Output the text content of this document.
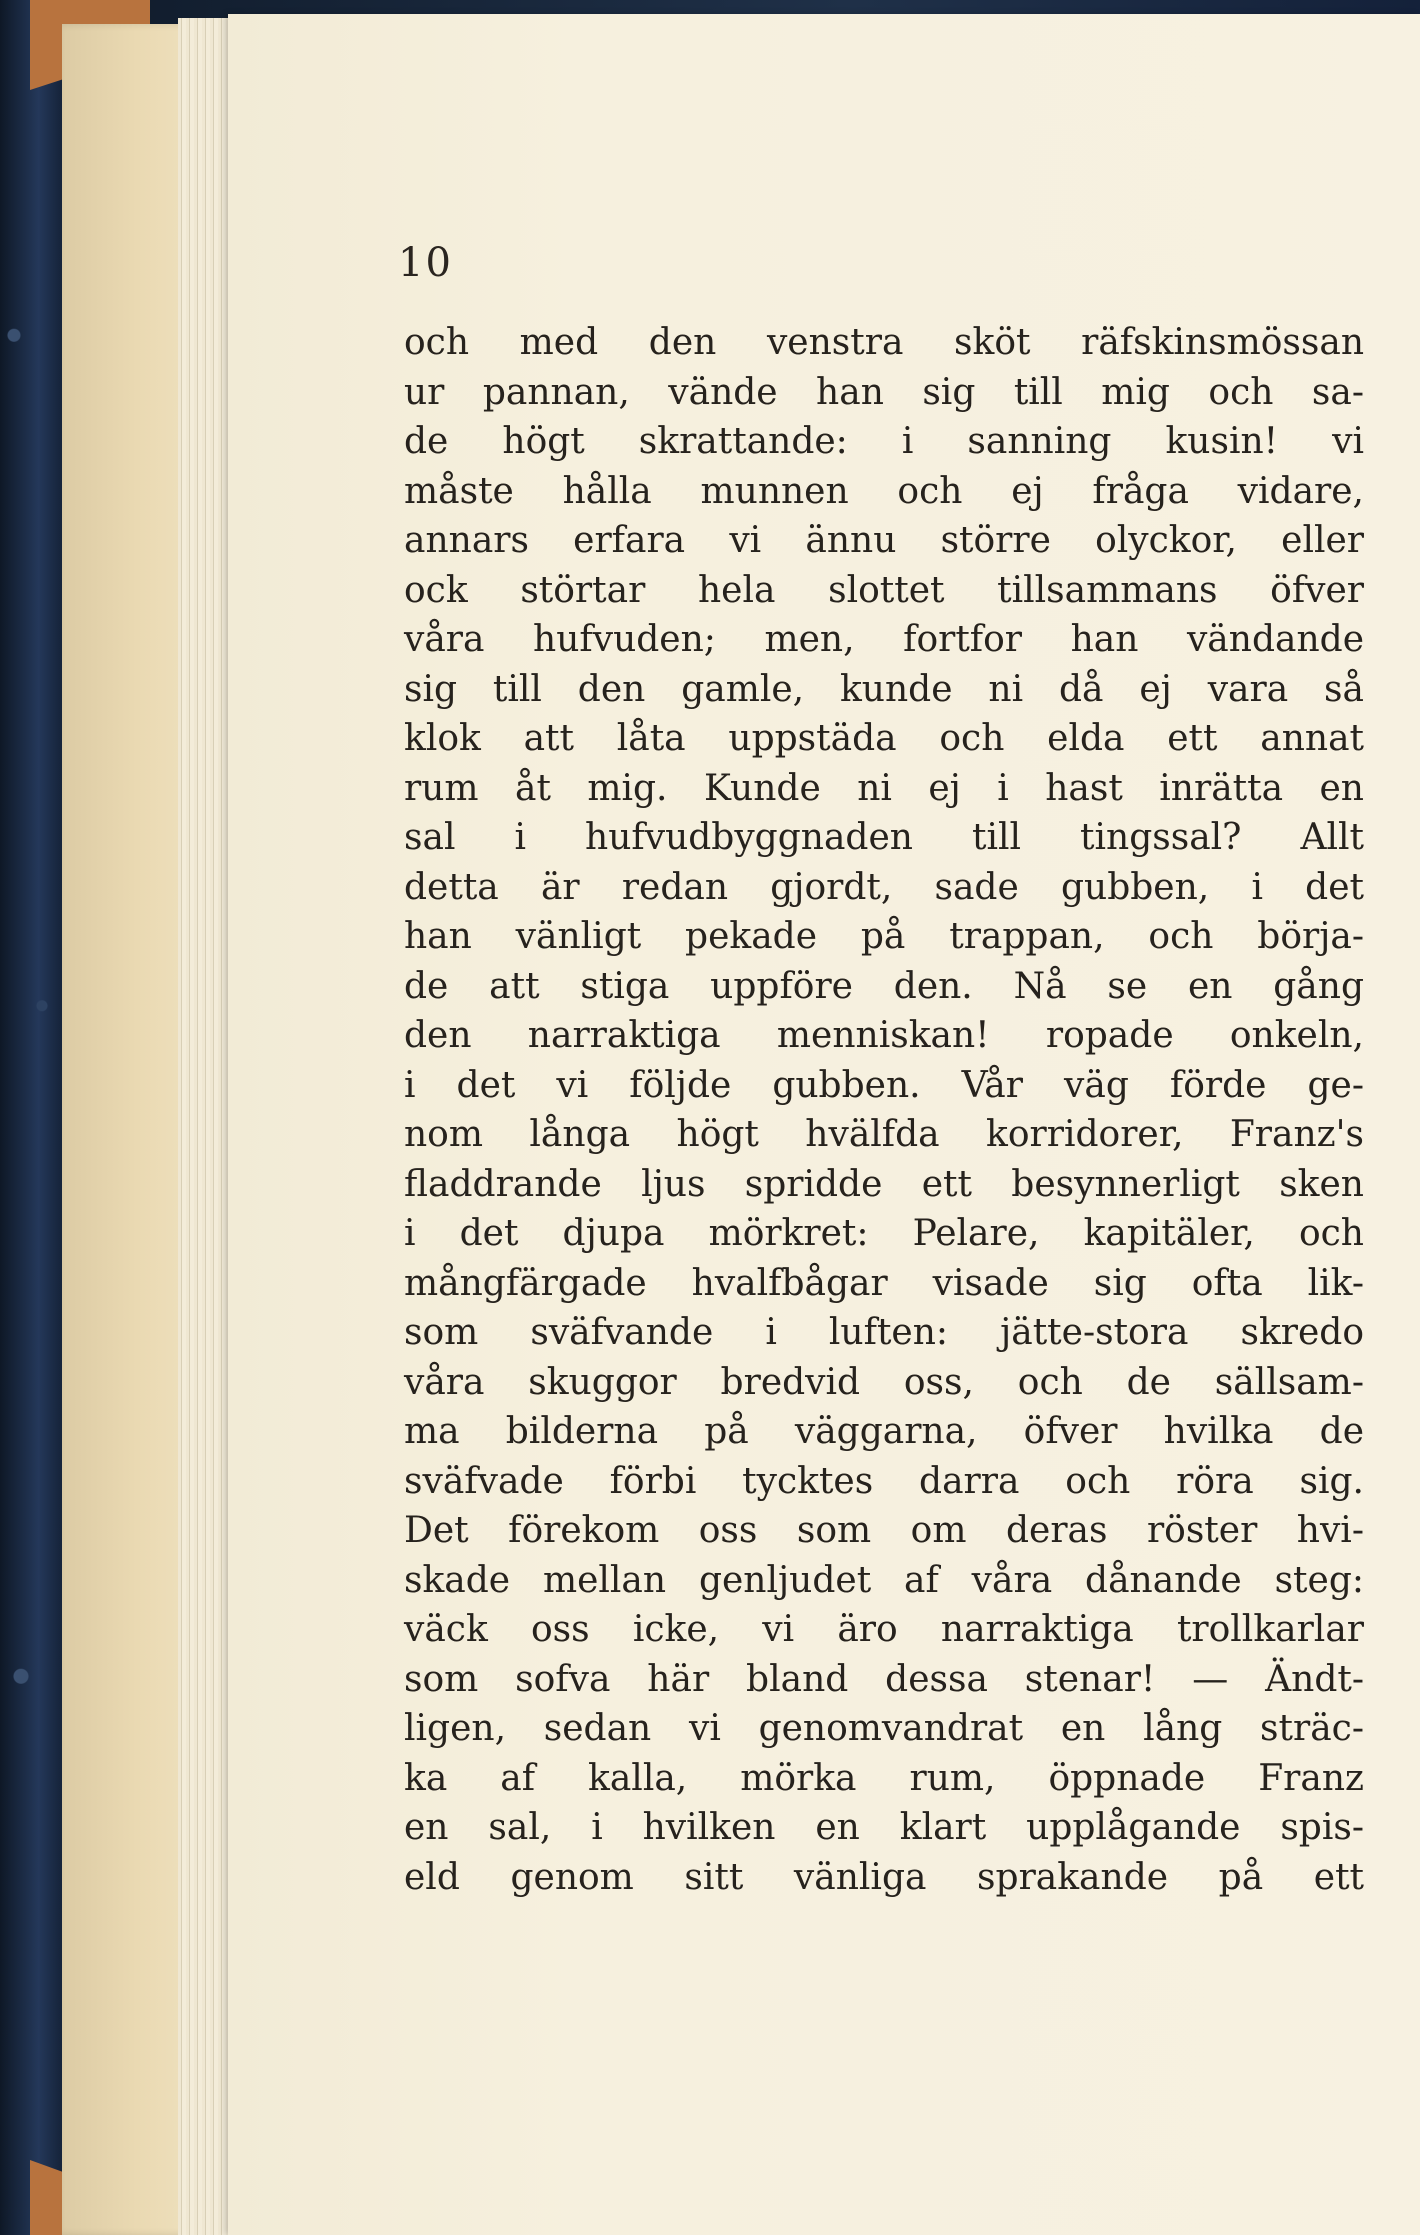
10
och med den venstra sköt räfskinsmössan
ur pannan, vände han sig till mig och sa-
de högt skrattande: i sanning kusin! vi
måste hålla munnen och ej fråga vidare,
annars erfara vi ännu större olyckor, eller
ock störtar hela slottet tillsammans öfver
våra hufvuden; men, fortfor han vändande
sig till den gamle, kunde ni då ej vara så
klok att låta uppstäda och elda ett annat
rum åt mig. Kunde ni ej i hast inrätta en
sal i hufvudbyggnaden till tingssal? Allt
detta är redan gjordt, sade gubben, i det
han vänligt pekade på trappan, och börja-
de att stiga uppföre den. Nå se en gång
den narraktiga menniskan! ropade onkeln,
i det vi följde gubben. Vår väg förde ge-
nom långa högt hvälfda korridorer, Franz's
fladdrande ljus spridde ett besynnerligt sken
i det djupa mörkret: Pelare, kapitäler, och
mångfärgade hvalfbågar visade sig ofta lik-
som sväfvande i luften: jätte-stora skredo
våra skuggor bredvid oss, och de sällsam-
ma bilderna på väggarna, öfver hvilka de
sväfvade förbi tycktes darra och röra sig.
Det förekom oss som om deras röster hvi-
skade mellan genljudet af våra dånande steg:
väck oss icke, vi äro narraktiga trollkarlar
som sofva här bland dessa stenar! — Ändt-
ligen, sedan vi genomvandrat en lång sträc-
ka af kalla, mörka rum, öppnade Franz
en sal, i hvilken en klart upplågande spis-
eld genom sitt vänliga sprakande på ett
